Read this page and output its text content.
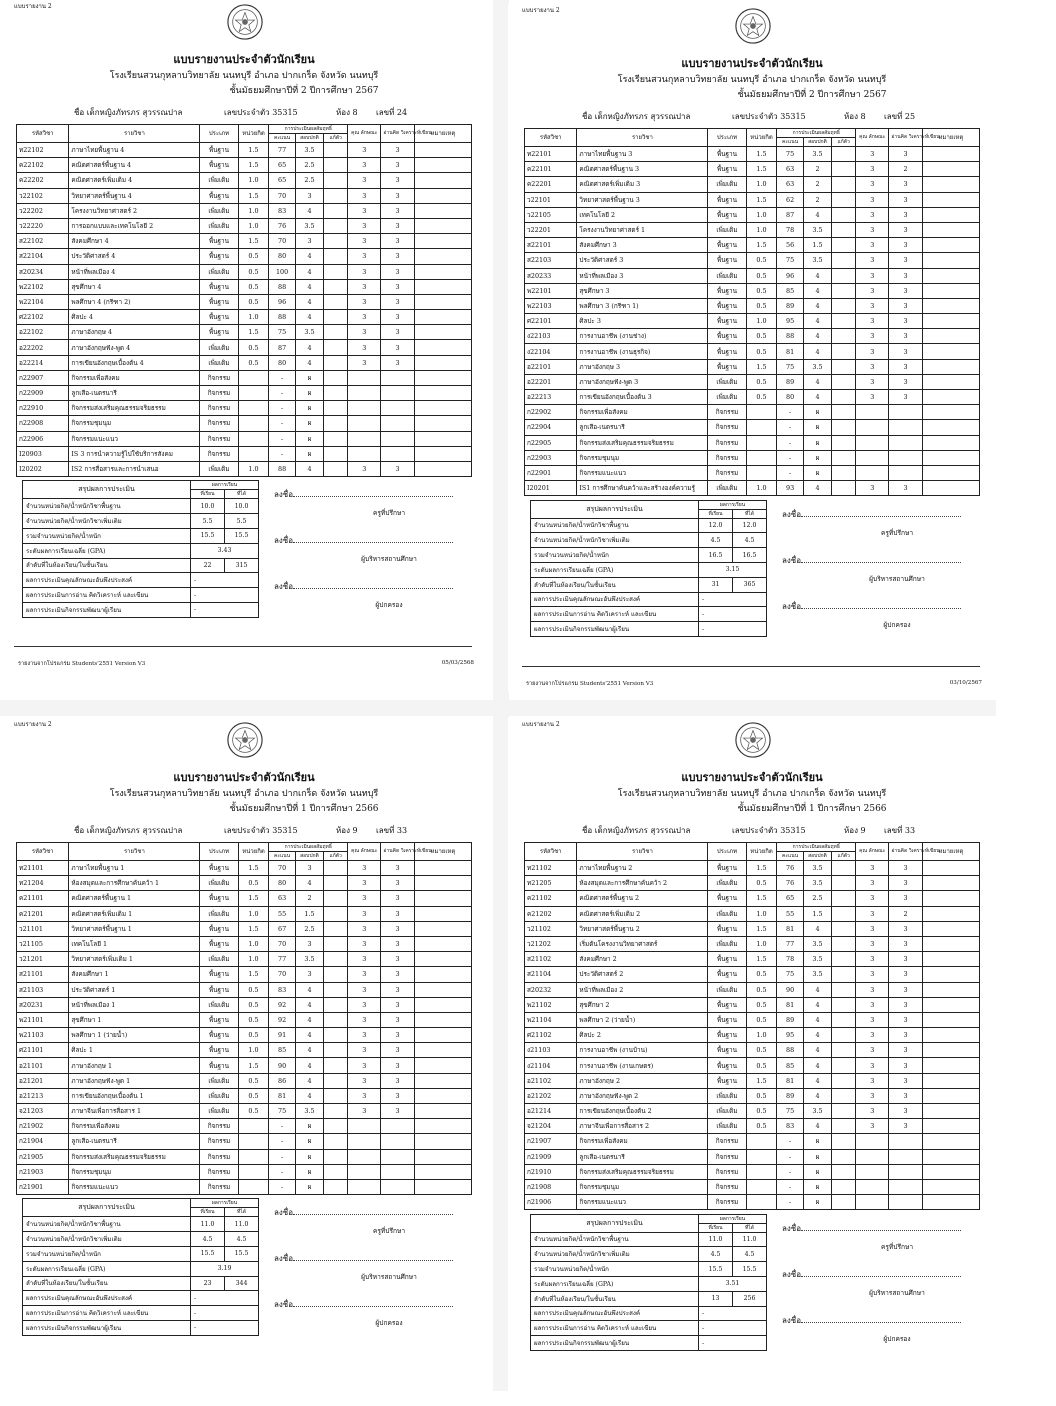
แบบรายงาน 2
แบบรายงานประจำตัวนักเรียน
โรงเรียนสวนกุหลาบวิทยาลัย นนทบุรี อำเภอ ปากเกร็ด จังหวัด นนทบุรี
ชั้นมัธยมศึกษาปีที่ 2 ปีการศึกษา 2567
ชื่อ เด็กหญิงภัทรภร สุวรรณปาล	เลขประจำตัว 35315	ห้อง 8 เลขที่ 24
รหัสวิชา	รายวิชา	ประเภท	หน่วยกิต	การประเมินผลสัมฤทธิ์			คุณ ลักษณะ	อ่านคิด วิเคราะห์เขียน	หมายเหตุ
				คะแนน	สอบปกติ	แก้ตัว			
ท22102	ภาษาไทยพื้นฐาน 4	พื้นฐาน	1.5	77	3.5		3	3	
ค22102	คณิตศาสตร์พื้นฐาน 4	พื้นฐาน	1.5	65	2.5		3	3	
ค22202	คณิตศาสตร์เพิ่มเติม 4	เพิ่มเติม	1.0	65	2.5		3	3	
ว22102	วิทยาศาสตร์พื้นฐาน 4	พื้นฐาน	1.5	70	3		3	3	
ว22202	โครงงานวิทยาศาสตร์ 2	เพิ่มเติม	1.0	83	4		3	3	
ว22220	การออกแบบและเทคโนโลยี 2	เพิ่มเติม	1.0	76	3.5		3	3	
ส22102	สังคมศึกษา 4	พื้นฐาน	1.5	70	3		3	3	
ส22104	ประวัติศาสตร์ 4	พื้นฐาน	0.5	80	4		3	3	
ส20234	หน้าที่พลเมือง 4	เพิ่มเติม	0.5	100	4		3	3	
พ22102	สุขศึกษา 4	พื้นฐาน	0.5	88	4		3	3	
พ22104	พลศึกษา 4 (กรีฑา 2)	พื้นฐาน	0.5	96	4		3	3	
ศ22102	ศิลปะ 4	พื้นฐาน	1.0	88	4		3	3	
อ22102	ภาษาอังกฤษ 4	พื้นฐาน	1.5	75	3.5		3	3	
อ22202	ภาษาอังกฤษฟัง-พูด 4	เพิ่มเติม	0.5	87	4		3	3	
อ22214	การเขียนอังกฤษเบื้องต้น 4	เพิ่มเติม	0.5	80	4		3	3	
ก22907	กิจกรรมเพื่อสังคม	กิจกรรม		-	ผ				
ก22909	ลูกเสือ-เนตรนารี	กิจกรรม		-	ผ				
ก22910	กิจกรรมส่งเสริมคุณธรรมจริยธรรม	กิจกรรม		-	ผ				
ก22908	กิจกรรมชุมนุม	กิจกรรม		-	ผ				
ก22906	กิจกรรมแนะแนว	กิจกรรม		-	ผ				
I20903	IS 3 การนำความรู้ไปใช้บริการสังคม	กิจกรรม		-	ผ				
I20202	IS2 การสื่อสารและการนำเสนอ	เพิ่มเติม	1.0	88	4		3	3	
สรุปผลการประเมิน	ผลการเรียน	
	ที่เรียน	ที่ได้
จำนวนหน่วยกิต/น้ำหนักวิชาพื้นฐาน	10.0	10.0
จำนวนหน่วยกิต/น้ำหนักวิชาเพิ่มเติม	5.5	5.5
รวมจำนวนหน่วยกิต/น้ำหนัก	15.5	15.5
ระดับผลการเรียนเฉลี่ย (GPA)	3.43	
ลำดับที่ในห้องเรียน/ในชั้นเรียน	22	315
ผลการประเมินคุณลักษณะอันพึงประสงค์	-	
ผลการประเมินการอ่าน คิดวิเคราะห์ และเขียน	-	
ผลการประเมินกิจกรรมพัฒนาผู้เรียน	-	
ลงชื่อ
ครูที่ปรึกษา
ลงชื่อ
ผู้บริหารสถานศึกษา
ลงชื่อ
ผู้ปกครอง
รายงานจากโปรแกรม Students'2551 Version V3	05/03/2568
แบบรายงาน 2
แบบรายงานประจำตัวนักเรียน
โรงเรียนสวนกุหลาบวิทยาลัย นนทบุรี อำเภอ ปากเกร็ด จังหวัด นนทบุรี
ชั้นมัธยมศึกษาปีที่ 2 ปีการศึกษา 2567
ชื่อ เด็กหญิงภัทรภร สุวรรณปาล	เลขประจำตัว 35315	ห้อง 8 เลขที่ 25
รหัสวิชา	รายวิชา	ประเภท	หน่วยกิต	การประเมินผลสัมฤทธิ์			คุณ ลักษณะ	อ่านคิด วิเคราะห์เขียน	หมายเหตุ
				คะแนน	สอบปกติ	แก้ตัว			
ท22101	ภาษาไทยพื้นฐาน 3	พื้นฐาน	1.5	75	3.5		3	3	
ค22101	คณิตศาสตร์พื้นฐาน 3	พื้นฐาน	1.5	63	2		3	2	
ค22201	คณิตศาสตร์เพิ่มเติม 3	เพิ่มเติม	1.0	63	2		3	3	
ว22101	วิทยาศาสตร์พื้นฐาน 3	พื้นฐาน	1.5	62	2		3	3	
ว22105	เทคโนโลยี 2	พื้นฐาน	1.0	87	4		3	3	
ว22201	โครงงานวิทยาศาสตร์ 1	เพิ่มเติม	1.0	78	3.5		3	3	
ส22101	สังคมศึกษา 3	พื้นฐาน	1.5	56	1.5		3	3	
ส22103	ประวัติศาสตร์ 3	พื้นฐาน	0.5	75	3.5		3	3	
ส20233	หน้าที่พลเมือง 3	เพิ่มเติม	0.5	96	4		3	3	
พ22101	สุขศึกษา 3	พื้นฐาน	0.5	85	4		3	3	
พ22103	พลศึกษา 3 (กรีฑา 1)	พื้นฐาน	0.5	89	4		3	3	
ศ22101	ศิลปะ 3	พื้นฐาน	1.0	95	4		3	3	
ง22103	การงานอาชีพ (งานช่าง)	พื้นฐาน	0.5	88	4		3	3	
ง22104	การงานอาชีพ (งานธุรกิจ)	พื้นฐาน	0.5	81	4		3	3	
อ22101	ภาษาอังกฤษ 3	พื้นฐาน	1.5	75	3.5		3	3	
อ22201	ภาษาอังกฤษฟัง-พูด 3	เพิ่มเติม	0.5	89	4		3	3	
อ22213	การเขียนอังกฤษเบื้องต้น 3	เพิ่มเติม	0.5	80	4		3	3	
ก22902	กิจกรรมเพื่อสังคม	กิจกรรม		-	ผ				
ก22904	ลูกเสือ-เนตรนารี	กิจกรรม		-	ผ				
ก22905	กิจกรรมส่งเสริมคุณธรรมจริยธรรม	กิจกรรม		-	ผ				
ก22903	กิจกรรมชุมนุม	กิจกรรม		-	ผ				
ก22901	กิจกรรมแนะแนว	กิจกรรม		-	ผ				
I20201	IS1 การศึกษาค้นคว้าและสร้างองค์ความรู้	เพิ่มเติม	1.0	93	4		3	3	
สรุปผลการประเมิน	ผลการเรียน	
	ที่เรียน	ที่ได้
จำนวนหน่วยกิต/น้ำหนักวิชาพื้นฐาน	12.0	12.0
จำนวนหน่วยกิต/น้ำหนักวิชาเพิ่มเติม	4.5	4.5
รวมจำนวนหน่วยกิต/น้ำหนัก	16.5	16.5
ระดับผลการเรียนเฉลี่ย (GPA)	3.15	
ลำดับที่ในห้องเรียน/ในชั้นเรียน	31	365
ผลการประเมินคุณลักษณะอันพึงประสงค์	-	
ผลการประเมินการอ่าน คิดวิเคราะห์ และเขียน	-	
ผลการประเมินกิจกรรมพัฒนาผู้เรียน	-	
ลงชื่อ
ครูที่ปรึกษา
ลงชื่อ
ผู้บริหารสถานศึกษา
ลงชื่อ
ผู้ปกครอง
รายงานจากโปรแกรม Students'2551 Version V3	03/10/2567
แบบรายงาน 2
แบบรายงานประจำตัวนักเรียน
โรงเรียนสวนกุหลาบวิทยาลัย นนทบุรี อำเภอ ปากเกร็ด จังหวัด นนทบุรี
ชั้นมัธยมศึกษาปีที่ 1 ปีการศึกษา 2566
ชื่อ เด็กหญิงภัทรภร สุวรรณปาล	เลขประจำตัว 35315	ห้อง 9 เลขที่ 33
รหัสวิชา	รายวิชา	ประเภท	หน่วยกิต	การประเมินผลสัมฤทธิ์			คุณ ลักษณะ	อ่านคิด วิเคราะห์เขียน	หมายเหตุ
				คะแนน	สอบปกติ	แก้ตัว			
ท21101	ภาษาไทยพื้นฐาน 1	พื้นฐาน	1.5	70	3		3	3	
ท21204	ห้องสมุดและการศึกษาค้นคว้า 1	เพิ่มเติม	0.5	80	4		3	3	
ค21101	คณิตศาสตร์พื้นฐาน 1	พื้นฐาน	1.5	63	2		3	3	
ค21201	คณิตศาสตร์เพิ่มเติม 1	เพิ่มเติม	1.0	55	1.5		3	3	
ว21101	วิทยาศาสตร์พื้นฐาน 1	พื้นฐาน	1.5	67	2.5		3	3	
ว21105	เทคโนโลยี 1	พื้นฐาน	1.0	70	3		3	3	
ว21201	วิทยาศาสตร์เพิ่มเติม 1	เพิ่มเติม	1.0	77	3.5		3	3	
ส21101	สังคมศึกษา 1	พื้นฐาน	1.5	70	3		3	3	
ส21103	ประวัติศาสตร์ 1	พื้นฐาน	0.5	83	4		3	3	
ส20231	หน้าที่พลเมือง 1	เพิ่มเติม	0.5	92	4		3	3	
พ21101	สุขศึกษา 1	พื้นฐาน	0.5	92	4		3	3	
พ21103	พลศึกษา 1 (ว่ายน้ำ)	พื้นฐาน	0.5	91	4		3	3	
ศ21101	ศิลปะ 1	พื้นฐาน	1.0	85	4		3	3	
อ21101	ภาษาอังกฤษ 1	พื้นฐาน	1.5	90	4		3	3	
อ21201	ภาษาอังกฤษฟัง-พูด 1	เพิ่มเติม	0.5	86	4		3	3	
อ21213	การเขียนอังกฤษเบื้องต้น 1	เพิ่มเติม	0.5	81	4		3	3	
จ21203	ภาษาจีนเพื่อการสื่อสาร 1	เพิ่มเติม	0.5	75	3.5		3	3	
ก21902	กิจกรรมเพื่อสังคม	กิจกรรม		-	ผ				
ก21904	ลูกเสือ-เนตรนารี	กิจกรรม		-	ผ				
ก21905	กิจกรรมส่งเสริมคุณธรรมจริยธรรม	กิจกรรม		-	ผ				
ก21903	กิจกรรมชุมนุม	กิจกรรม		-	ผ				
ก21901	กิจกรรมแนะแนว	กิจกรรม		-	ผ				
สรุปผลการประเมิน	ผลการเรียน	
	ที่เรียน	ที่ได้
จำนวนหน่วยกิต/น้ำหนักวิชาพื้นฐาน	11.0	11.0
จำนวนหน่วยกิต/น้ำหนักวิชาเพิ่มเติม	4.5	4.5
รวมจำนวนหน่วยกิต/น้ำหนัก	15.5	15.5
ระดับผลการเรียนเฉลี่ย (GPA)	3.19	
ลำดับที่ในห้องเรียน/ในชั้นเรียน	23	344
ผลการประเมินคุณลักษณะอันพึงประสงค์	-	
ผลการประเมินการอ่าน คิดวิเคราะห์ และเขียน	-	
ผลการประเมินกิจกรรมพัฒนาผู้เรียน	-	
ลงชื่อ
ครูที่ปรึกษา
ลงชื่อ
ผู้บริหารสถานศึกษา
ลงชื่อ
ผู้ปกครอง
แบบรายงาน 2
แบบรายงานประจำตัวนักเรียน
โรงเรียนสวนกุหลาบวิทยาลัย นนทบุรี อำเภอ ปากเกร็ด จังหวัด นนทบุรี
ชั้นมัธยมศึกษาปีที่ 1 ปีการศึกษา 2566
ชื่อ เด็กหญิงภัทรภร สุวรรณปาล	เลขประจำตัว 35315	ห้อง 9 เลขที่ 33
รหัสวิชา	รายวิชา	ประเภท	หน่วยกิต	การประเมินผลสัมฤทธิ์			คุณ ลักษณะ	อ่านคิด วิเคราะห์เขียน	หมายเหตุ
				คะแนน	สอบปกติ	แก้ตัว			
ท21102	ภาษาไทยพื้นฐาน 2	พื้นฐาน	1.5	76	3.5		3	3	
ท21205	ห้องสมุดและการศึกษาค้นคว้า 2	เพิ่มเติม	0.5	76	3.5		3	3	
ค21102	คณิตศาสตร์พื้นฐาน 2	พื้นฐาน	1.5	65	2.5		3	3	
ค21202	คณิตศาสตร์เพิ่มเติม 2	เพิ่มเติม	1.0	55	1.5		3	2	
ว21102	วิทยาศาสตร์พื้นฐาน 2	พื้นฐาน	1.5	81	4		3	3	
ว21202	เริ่มต้นโครงงานวิทยาศาสตร์	เพิ่มเติม	1.0	77	3.5		3	3	
ส21102	สังคมศึกษา 2	พื้นฐาน	1.5	78	3.5		3	3	
ส21104	ประวัติศาสตร์ 2	พื้นฐาน	0.5	75	3.5		3	3	
ส20232	หน้าที่พลเมือง 2	เพิ่มเติม	0.5	90	4		3	3	
พ21102	สุขศึกษา 2	พื้นฐาน	0.5	81	4		3	3	
พ21104	พลศึกษา 2 (ว่ายน้ำ)	พื้นฐาน	0.5	89	4		3	3	
ศ21102	ศิลปะ 2	พื้นฐาน	1.0	95	4		3	3	
ง21103	การงานอาชีพ (งานบ้าน)	พื้นฐาน	0.5	88	4		3	3	
ง21104	การงานอาชีพ (งานเกษตร)	พื้นฐาน	0.5	85	4		3	3	
อ21102	ภาษาอังกฤษ 2	พื้นฐาน	1.5	81	4		3	3	
อ21202	ภาษาอังกฤษฟัง-พูด 2	เพิ่มเติม	0.5	89	4		3	3	
อ21214	การเขียนอังกฤษเบื้องต้น 2	เพิ่มเติม	0.5	75	3.5		3	3	
จ21204	ภาษาจีนเพื่อการสื่อสาร 2	เพิ่มเติม	0.5	83	4		3	3	
ก21907	กิจกรรมเพื่อสังคม	กิจกรรม		-	ผ				
ก21909	ลูกเสือ-เนตรนารี	กิจกรรม		-	ผ				
ก21910	กิจกรรมส่งเสริมคุณธรรมจริยธรรม	กิจกรรม		-	ผ				
ก21908	กิจกรรมชุมนุม	กิจกรรม		-	ผ				
ก21906	กิจกรรมแนะแนว	กิจกรรม		-	ผ				
สรุปผลการประเมิน	ผลการเรียน	
	ที่เรียน	ที่ได้
จำนวนหน่วยกิต/น้ำหนักวิชาพื้นฐาน	11.0	11.0
จำนวนหน่วยกิต/น้ำหนักวิชาเพิ่มเติม	4.5	4.5
รวมจำนวนหน่วยกิต/น้ำหนัก	15.5	15.5
ระดับผลการเรียนเฉลี่ย (GPA)	3.51	
ลำดับที่ในห้องเรียน/ในชั้นเรียน	13	256
ผลการประเมินคุณลักษณะอันพึงประสงค์	-	
ผลการประเมินการอ่าน คิดวิเคราะห์ และเขียน	-	
ผลการประเมินกิจกรรมพัฒนาผู้เรียน	-	
ลงชื่อ
ครูที่ปรึกษา
ลงชื่อ
ผู้บริหารสถานศึกษา
ลงชื่อ
ผู้ปกครอง
